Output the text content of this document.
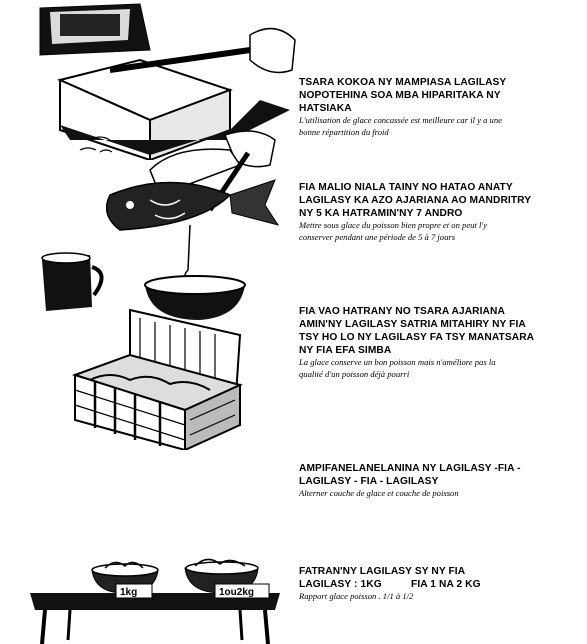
1kg	1ou2kg
TSARA KOKOA NY MAMPIASA LAGILASY
NOPOTEHINA SOA MBA HIPARITAKA NY
HATSIAKA
L'utilisation de glace concassée est meilleure car il y a une
bonne répartition du froid
FIA MALIO NIALA TAINY NO HATAO ANATY
LAGILASY KA AZO AJARIANA AO MANDRITRY
NY 5 KA HATRAMIN'NY 7 ANDRO
Mettre sous glace du poisson bien propre et on peut l'y
conserver pendant une période de 5 à 7 jours
FIA VAO HATRANY NO TSARA AJARIANA
AMIN'NY LAGILASY SATRIA MITAHIRY NY FIA
TSY HO LO NY LAGILASY FA TSY MANATSARA
NY FIA EFA SIMBA
La glace conserve un bon poisson mais n'améliore pas la
qualité d'un poisson déjà pourri
AMPIFANELANELANINA NY LAGILASY -FIA -
LAGILASY - FIA - LAGILASY
Alterner couche de glace et couche de poisson
FATRAN'NY LAGILASY SY NY FIA
LAGILASY : 1KG          FIA 1 NA 2 KG
Rapport glace poisson . 1/1 à 1/2
